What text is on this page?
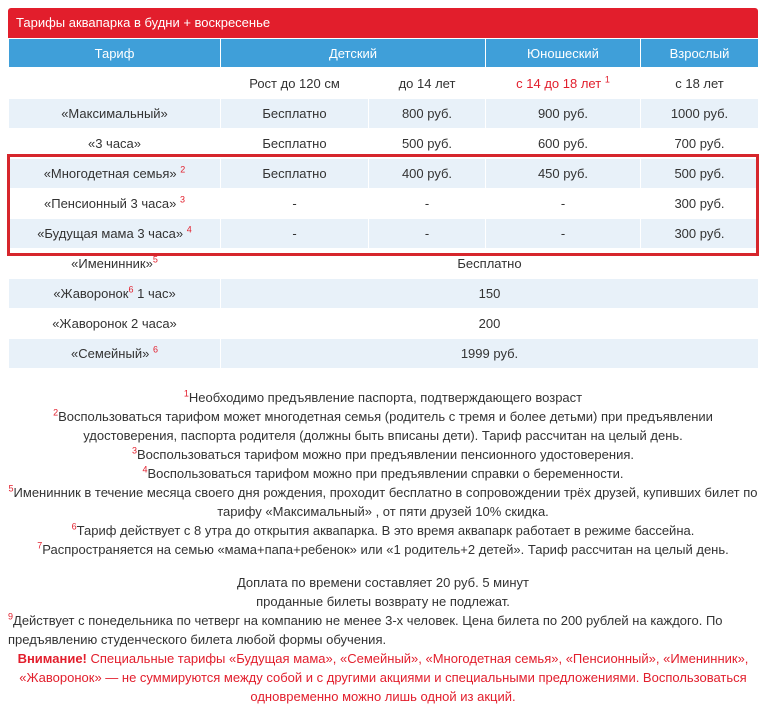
Тарифы аквапарка в будни + воскресенье
Тариф	Детский		Юношеский	Взрослый
	Рост до 120 см	до 14 лет	с 14 до 18 лет $^1$	с 18 лет
«Максимальный»	Бесплатно	800 руб.	900 руб.	1000 руб.
«3 часа»	Бесплатно	500 руб.	600 руб.	700 руб.
«Многодетная семья» $^2$	Бесплатно	400 руб.	450 руб.	500 руб.
«Пенсионный 3 часа» $^3$	-	-	-	300 руб.
«Будущая мама 3 часа» $^4$	-	-	-	300 руб.
«Именинник»$^5$	Бесплатно			
«Жаворонок$^6$ 1 час»	150			
«Жаворонок 2 часа»	200			
«Семейный» $^6$	1999 руб.			

$^1$Необходимо предъявление паспорта, подтверждающего возраст

$^2$Воспользоваться тарифом может многодетная семья (родитель с тремя и более детьми) при предъявлении удостоверения, паспорта родителя (должны быть вписаны дети). Тариф рассчитан на целый день.

$^3$Воспользоваться тарифом можно при предъявлении пенсионного удостоверения.

$^4$Воспользоваться тарифом можно при предъявлении справки о беременности.

$^5$Именинник в течение месяца своего дня рождения, проходит бесплатно в сопровождении трёх друзей, купивших билет по тарифу «Максимальный» , от пяти друзей 10% скидка.

$^6$Тариф действует с 8 утра до открытия аквапарка. В это время аквапарк работает в режиме бассейна.

$^7$Распространяется на семью «мама+папа+ребенок» или «1 родитель+2 детей». Тариф рассчитан на целый день.

Доплата по времени составляет 20 руб. 5 минут

проданные билеты возврату не подлежат.

$^9$Действует с понедельника по четверг на компанию не менее 3-х человек. Цена билета по 200 рублей на каждого. По предъявлению студенческого билета любой формы обучения.

Внимание! Специальные тарифы «Будущая мама», «Семейный», «Многодетная семья», «Пенсионный», «Именинник», «Жаворонок» — не суммируются между собой и с другими акциями и специальными предложениями. Воспользоваться одновременно можно лишь одной из акций.
